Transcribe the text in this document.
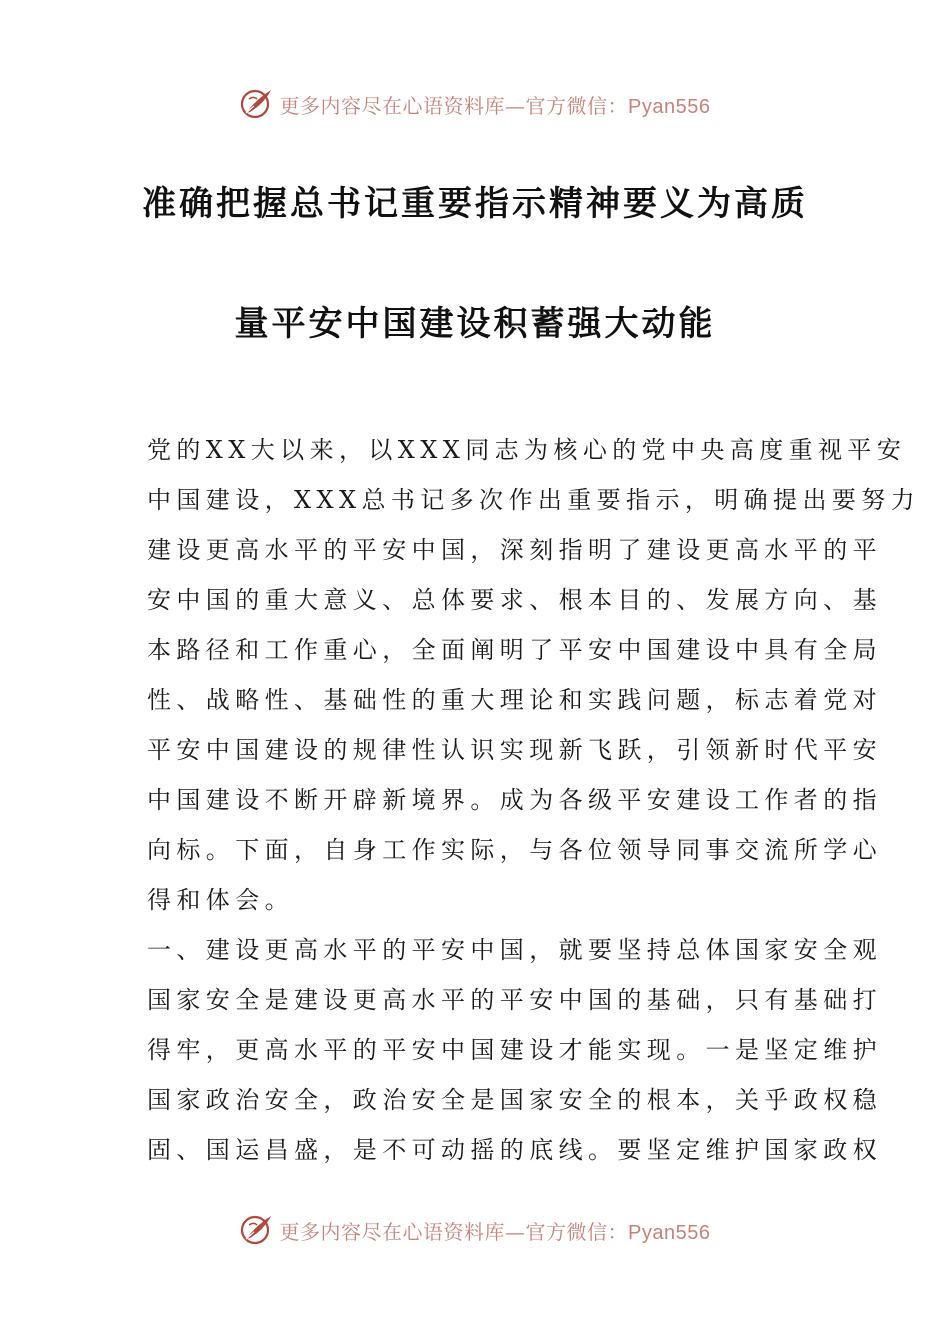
更多内容尽在心语资料库—官方微信：Pyan556
准确把握总书记重要指示精神要义为高质
量平安中国建设积蓄强大动能
党的XX大以来，以XXX同志为核心的党中央高度重视平安
中国建设，XXX总书记多次作出重要指示，明确提出要努力
建设更高水平的平安中国，深刻指明了建设更高水平的平
安中国的重大意义、总体要求、根本目的、发展方向、基
本路径和工作重心，全面阐明了平安中国建设中具有全局
性、战略性、基础性的重大理论和实践问题，标志着党对
平安中国建设的规律性认识实现新飞跃，引领新时代平安
中国建设不断开辟新境界。成为各级平安建设工作者的指
向标。下面，自身工作实际，与各位领导同事交流所学心
得和体会。
一、建设更高水平的平安中国，就要坚持总体国家安全观
国家安全是建设更高水平的平安中国的基础，只有基础打
得牢，更高水平的平安中国建设才能实现。一是坚定维护
国家政治安全，政治安全是国家安全的根本，关乎政权稳
固、国运昌盛，是不可动摇的底线。要坚定维护国家政权
更多内容尽在心语资料库—官方微信：Pyan556
